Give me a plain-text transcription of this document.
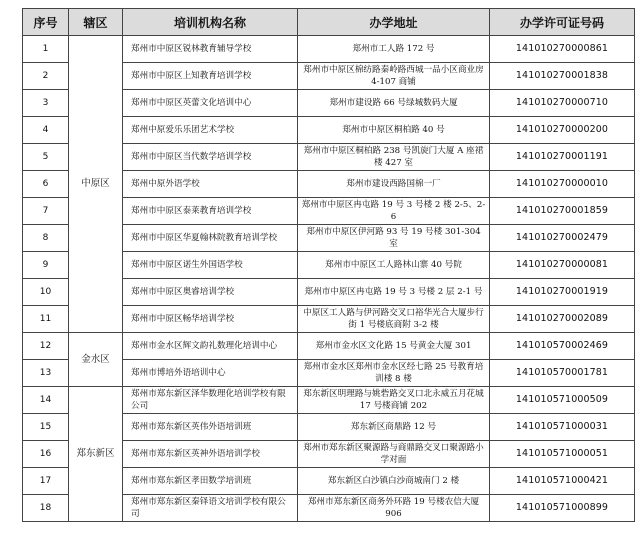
序号	辖区	培训机构名称	办学地址	办学许可证号码
1	中原区	郑州市中原区锐林教育辅导学校	郑州市工人路 172 号	141010270000861
2		郑州市中原区上知教育培训学校	郑州市中原区棉纺路秦岭路西城一品小区商业房 4-107 商铺	141010270001838
3		郑州市中原区英蕾文化培训中心	郑州市建设路 66 号绿城数码大厦	141010270000710
4		郑州中原爱乐乐团艺术学校	郑州市中原区桐柏路 40 号	141010270000200
5		郑州市中原区当代数学培训学校	郑州市中原区桐柏路 238 号凯旋门大厦 A 座裙楼 427 室	141010270001191
6		郑州中原外语学校	郑州市建设西路国棉一厂	141010270000010
7		郑州市中原区泰莱教育培训学校	郑州市中原区冉屯路 19 号 3 号楼 2 楼 2-5、2-6	141010270001859
8		郑州市中原区华夏翰林院教育培训学校	郑州市中原区伊河路 93 号 19 号楼 301-304 室	141010270002479
9		郑州市中原区诺生外国语学校	郑州市中原区工人路林山寨 40 号院	141010270000081
10		郑州市中原区奥睿培训学校	郑州市中原区冉屯路 19 号 3 号楼 2 层 2-1 号	141010270001919
11		郑州市中原区畅华培训学校	中原区工人路与伊河路交叉口裕华光合大厦步行街 1 号楼底商附 3-2 楼	141010270002089
12	金水区	郑州市金水区辉文韵礼数理化培训中心	郑州市金水区文化路 15 号黄金大厦 301	141010570002469
13		郑州市博培外语培训中心	郑州市金水区郑州市金水区经七路 25 号教育培训楼 8 楼	141010570001781
14	郑东新区	郑州市郑东新区泽华数理化培训学校有限公司	郑东新区明理路与姚砦路交叉口北永威五月花城 17 号楼商铺 202	141010571000509
15		郑州市郑东新区英伟外语培训班	郑东新区商鼎路 12 号	141010571000031
16		郑州市郑东新区英神外语培训学校	郑州市郑东新区聚源路与商鼎路交叉口聚源路小学对面	141010571000051
17		郑州市郑东新区孝田数学培训班	郑东新区白沙镇白沙商城南门 2 楼	141010571000421
18		郑州市郑东新区秦铎语文培训学校有限公司	郑州市郑东新区商务外环路 19 号楼农信大厦 906	141010571000899
